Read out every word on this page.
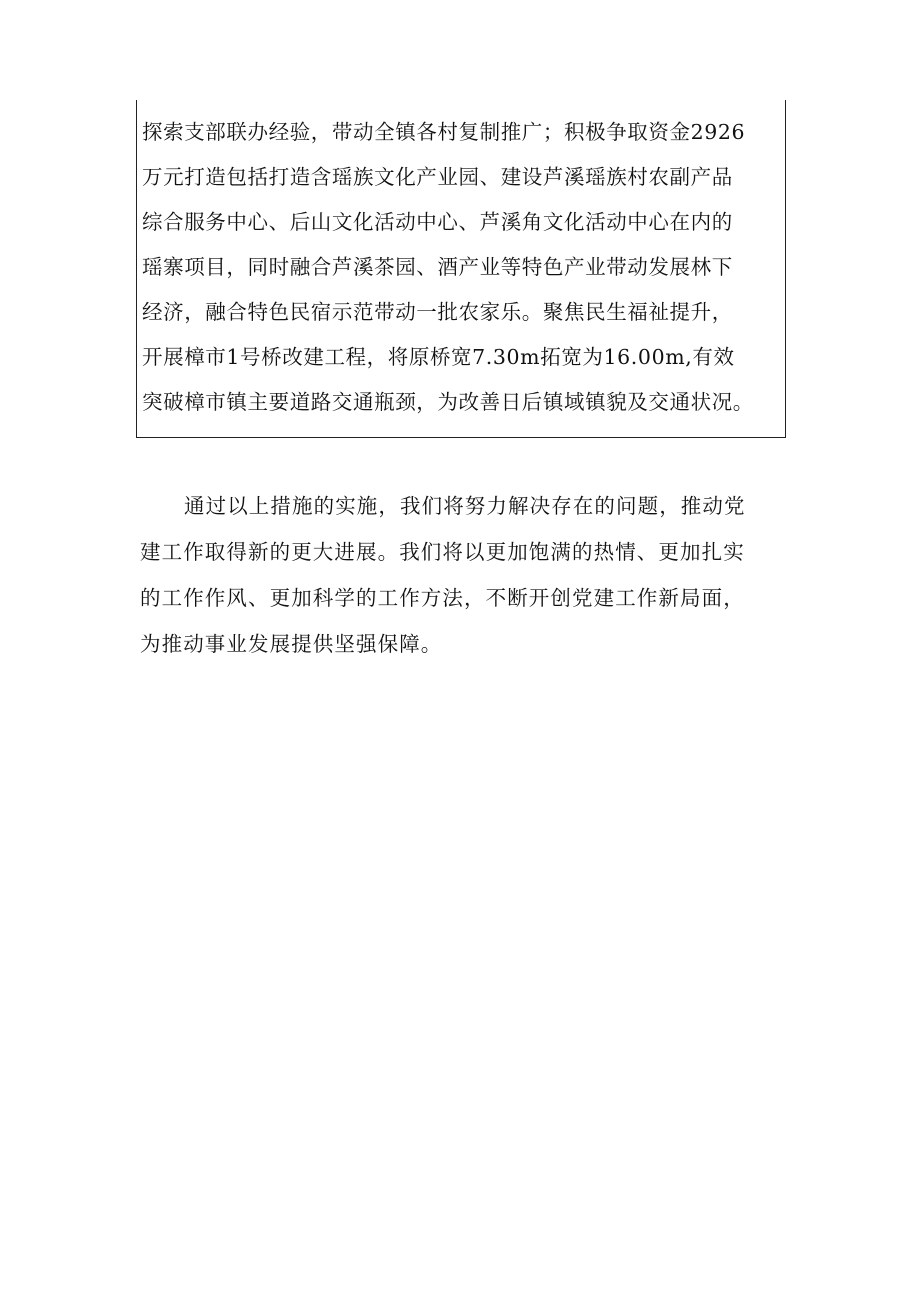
探索支部联办经验，带动全镇各村复制推广；积极争取资金2926
万元打造包括打造含瑶族文化产业园、建设芦溪瑶族村农副产品
综合服务中心、后山文化活动中心、芦溪角文化活动中心在内的
瑶寨项目，同时融合芦溪茶园、酒产业等特色产业带动发展林下
经济，融合特色民宿示范带动一批农家乐。聚焦民生福祉提升，
开展樟市1号桥改建工程，将原桥宽7.30m拓宽为16.00m,有效
突破樟市镇主要道路交通瓶颈，为改善日后镇域镇貌及交通状况。
通过以上措施的实施，我们将努力解决存在的问题，推动党
建工作取得新的更大进展。我们将以更加饱满的热情、更加扎实
的工作作风、更加科学的工作方法，不断开创党建工作新局面，
为推动事业发展提供坚强保障。
